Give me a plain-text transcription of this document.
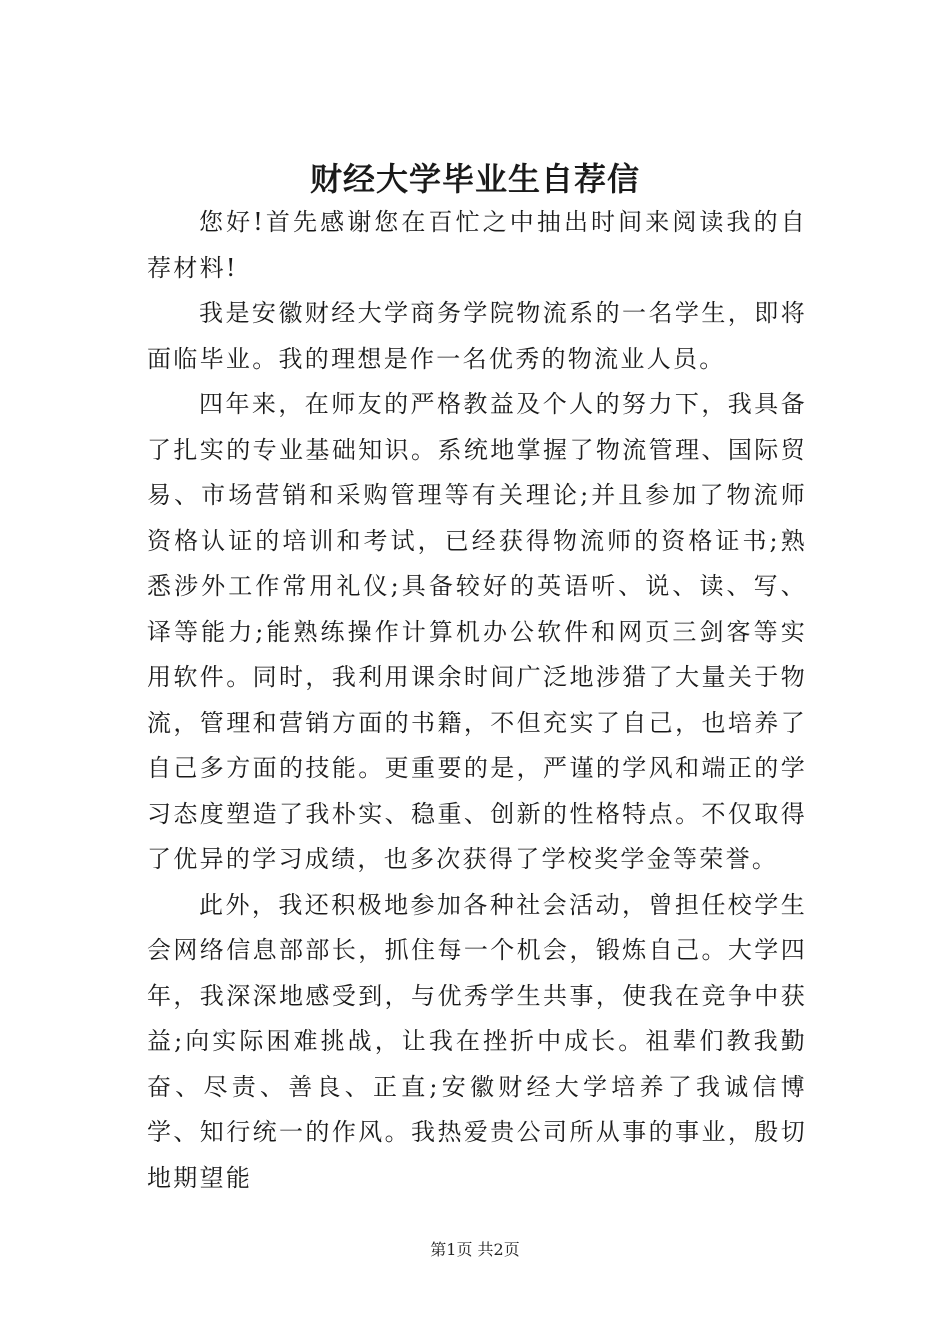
财经大学毕业生自荐信

您好!首先感谢您在百忙之中抽出时间来阅读我的自荐材料!

我是安徽财经大学商务学院物流系的一名学生，即将面临毕业。我的理想是作一名优秀的物流业人员。

四年来，在师友的严格教益及个人的努力下，我具备了扎实的专业基础知识。系统地掌握了物流管理、国际贸易、市场营销和采购管理等有关理论;并且参加了物流师资格认证的培训和考试，已经获得物流师的资格证书;熟悉涉外工作常用礼仪;具备较好的英语听、说、读、写、译等能力;能熟练操作计算机办公软件和网页三剑客等实用软件。同时，我利用课余时间广泛地涉猎了大量关于物流，管理和营销方面的书籍，不但充实了自己，也培养了自己多方面的技能。更重要的是，严谨的学风和端正的学习态度塑造了我朴实、稳重、创新的性格特点。不仅取得了优异的学习成绩，也多次获得了学校奖学金等荣誉。

此外，我还积极地参加各种社会活动，曾担任校学生会网络信息部部长，抓住每一个机会，锻炼自己。大学四年，我深深地感受到，与优秀学生共事，使我在竞争中获益;向实际困难挑战，让我在挫折中成长。祖辈们教我勤奋、尽责、善良、正直;安徽财经大学培养了我诚信博学、知行统一的作风。我热爱贵公司所从事的事业，殷切地期望能

第1页 共2页
